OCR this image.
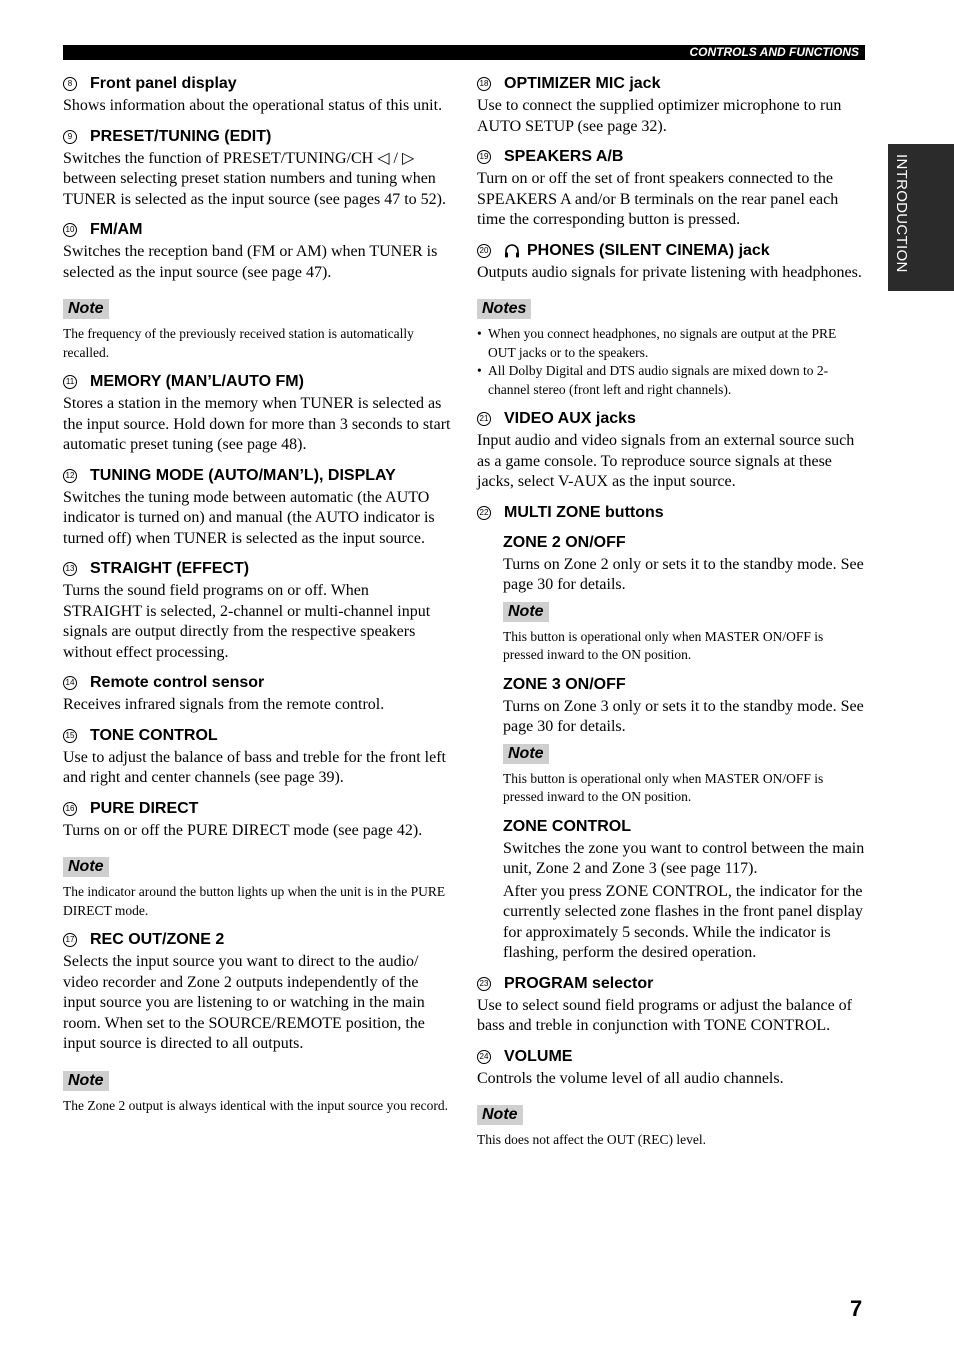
CONTROLS AND FUNCTIONS
INTRODUCTION
8 Front panel display

Shows information about the operational status of this unit.

9 PRESET/TUNING (EDIT)

Switches the function of PRESET/TUNING/CH ◁ / ▷ between selecting preset station numbers and tuning when TUNER is selected as the input source (see pages 47 to 52).

10 FM/AM

Switches the reception band (FM or AM) when TUNER is selected as the input source (see page 47).

Note

The frequency of the previously received station is automatically recalled.

11 MEMORY (MAN’L/AUTO FM)

Stores a station in the memory when TUNER is selected as the input source. Hold down for more than 3 seconds to start automatic preset tuning (see page 48).

12 TUNING MODE (AUTO/MAN’L), DISPLAY

Switches the tuning mode between automatic (the AUTO indicator is turned on) and manual (the AUTO indicator is turned off) when TUNER is selected as the input source.

13 STRAIGHT (EFFECT)

Turns the sound field programs on or off. When STRAIGHT is selected, 2-channel or multi-channel input signals are output directly from the respective speakers without effect processing.

14 Remote control sensor

Receives infrared signals from the remote control.

15 TONE CONTROL

Use to adjust the balance of bass and treble for the front left and right and center channels (see page 39).

16 PURE DIRECT

Turns on or off the PURE DIRECT mode (see page 42).

Note

The indicator around the button lights up when the unit is in the PURE DIRECT mode.

17 REC OUT/ZONE 2

Selects the input source you want to direct to the audio/ video recorder and Zone 2 outputs independently of the input source you are listening to or watching in the main room. When set to the SOURCE/REMOTE position, the input source is directed to all outputs.

Note

The Zone 2 output is always identical with the input source you record.

18 OPTIMIZER MIC jack

Use to connect the supplied optimizer microphone to run AUTO SETUP (see page 32).

19 SPEAKERS A/B

Turn on or off the set of front speakers connected to the SPEAKERS A and/or B terminals on the rear panel each time the corresponding button is pressed.

20 PHONES (SILENT CINEMA) jack

Outputs audio signals for private listening with headphones.

Notes
• When you connect headphones, no signals are output at the PRE OUT jacks or to the speakers.
• All Dolby Digital and DTS audio signals are mixed down to 2-channel stereo (front left and right channels).
21 VIDEO AUX jacks

Input audio and video signals from an external source such as a game console. To reproduce source signals at these jacks, select V-AUX as the input source.

22 MULTI ZONE buttons
ZONE 2 ON/OFF

Turns on Zone 2 only or sets it to the standby mode. See page 30 for details.

Note

This button is operational only when MASTER ON/OFF is pressed inward to the ON position.

ZONE 3 ON/OFF

Turns on Zone 3 only or sets it to the standby mode. See page 30 for details.

Note

This button is operational only when MASTER ON/OFF is pressed inward to the ON position.

ZONE CONTROL

Switches the zone you want to control between the main unit, Zone 2 and Zone 3 (see page 117).

After you press ZONE CONTROL, the indicator for the currently selected zone flashes in the front panel display for approximately 5 seconds. While the indicator is flashing, perform the desired operation.

23 PROGRAM selector

Use to select sound field programs or adjust the balance of bass and treble in conjunction with TONE CONTROL.

24 VOLUME

Controls the volume level of all audio channels.

Note

This does not affect the OUT (REC) level.

7
